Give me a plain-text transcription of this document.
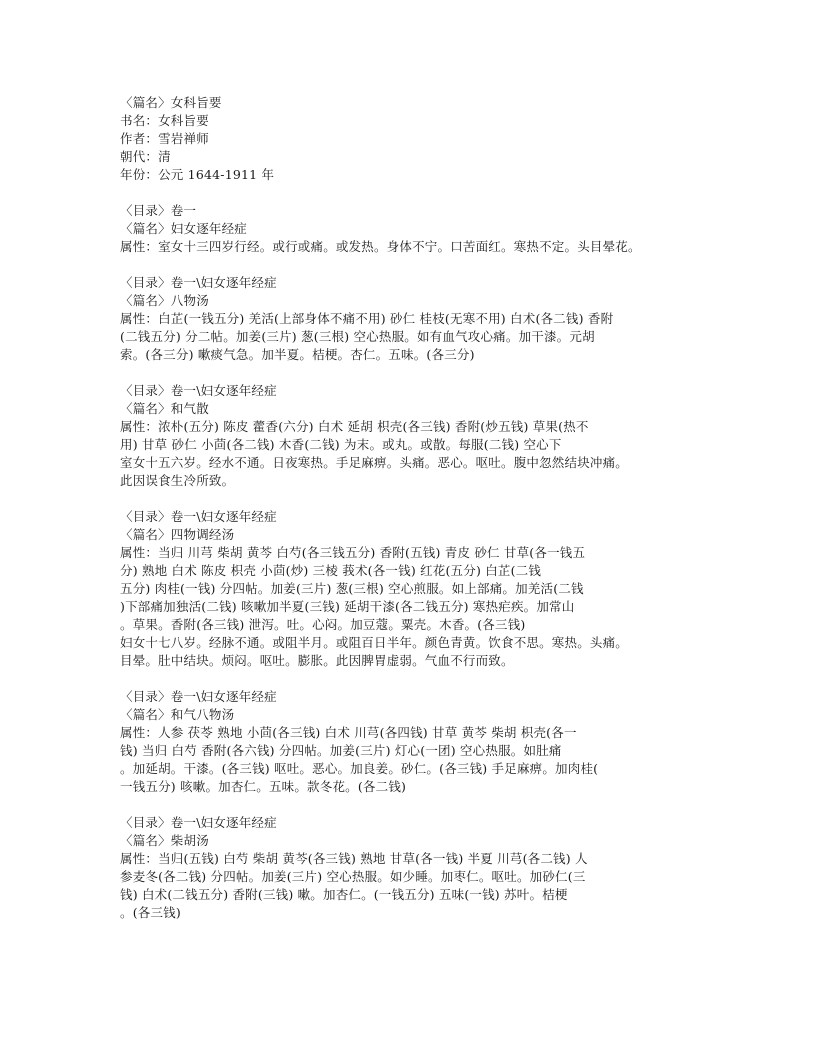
〈篇名〉女科旨要
书名：女科旨要
作者：雪岩禅师
朝代：清
年份：公元 1644-1911 年
〈目录〉卷一
〈篇名〉妇女逐年经症
属性：室女十三四岁行经。或行或痛。或发热。身体不宁。口苦面红。寒热不定。头目晕花。
〈目录〉卷一\妇女逐年经症
〈篇名〉八物汤
属性：白芷(一钱五分) 羌活(上部身体不痛不用) 砂仁 桂枝(无寒不用) 白术(各二钱) 香附
(二钱五分) 分二帖。加姜(三片) 葱(三根) 空心热服。如有血气攻心痛。加干漆。元胡
索。(各三分) 嗽痰气急。加半夏。桔梗。杏仁。五味。(各三分)
〈目录〉卷一\妇女逐年经症
〈篇名〉和气散
属性：浓朴(五分) 陈皮 藿香(六分) 白术 延胡 枳壳(各三钱) 香附(炒五钱) 草果(热不
用) 甘草 砂仁 小茴(各二钱) 木香(二钱) 为末。或丸。或散。每服(二钱) 空心下
室女十五六岁。经水不通。日夜寒热。手足麻痹。头痛。恶心。呕吐。腹中忽然结块冲痛。
此因误食生冷所致。
〈目录〉卷一\妇女逐年经症
〈篇名〉四物调经汤
属性：当归 川芎 柴胡 黄芩 白芍(各三钱五分) 香附(五钱) 青皮 砂仁 甘草(各一钱五
分) 熟地 白术 陈皮 枳壳 小茴(炒) 三棱 莪术(各一钱) 红花(五分) 白芷(二钱
五分) 肉桂(一钱) 分四帖。加姜(三片) 葱(三根) 空心煎服。如上部痛。加羌活(二钱
)下部痛加独活(二钱) 咳嗽加半夏(三钱) 延胡干漆(各二钱五分) 寒热疟疾。加常山
。草果。香附(各三钱) 泄泻。吐。心闷。加豆蔻。粟壳。木香。(各三钱)
妇女十七八岁。经脉不通。或阻半月。或阻百日半年。颜色青黄。饮食不思。寒热。头痛。
目晕。肚中结块。烦闷。呕吐。膨胀。此因脾胃虚弱。气血不行而致。
〈目录〉卷一\妇女逐年经症
〈篇名〉和气八物汤
属性：人参 茯苓 熟地 小茴(各三钱) 白术 川芎(各四钱) 甘草 黄芩 柴胡 枳壳(各一
钱) 当归 白芍 香附(各六钱) 分四帖。加姜(三片) 灯心(一团) 空心热服。如肚痛
。加延胡。干漆。(各三钱) 呕吐。恶心。加良姜。砂仁。(各三钱) 手足麻痹。加肉桂(
一钱五分) 咳嗽。加杏仁。五味。款冬花。(各二钱)
〈目录〉卷一\妇女逐年经症
〈篇名〉柴胡汤
属性：当归(五钱) 白芍 柴胡 黄芩(各三钱) 熟地 甘草(各一钱) 半夏 川芎(各二钱) 人
参麦冬(各二钱) 分四帖。加姜(三片) 空心热服。如少睡。加枣仁。呕吐。加砂仁(三
钱) 白术(二钱五分) 香附(三钱) 嗽。加杏仁。(一钱五分) 五味(一钱) 苏叶。桔梗
。(各三钱)
